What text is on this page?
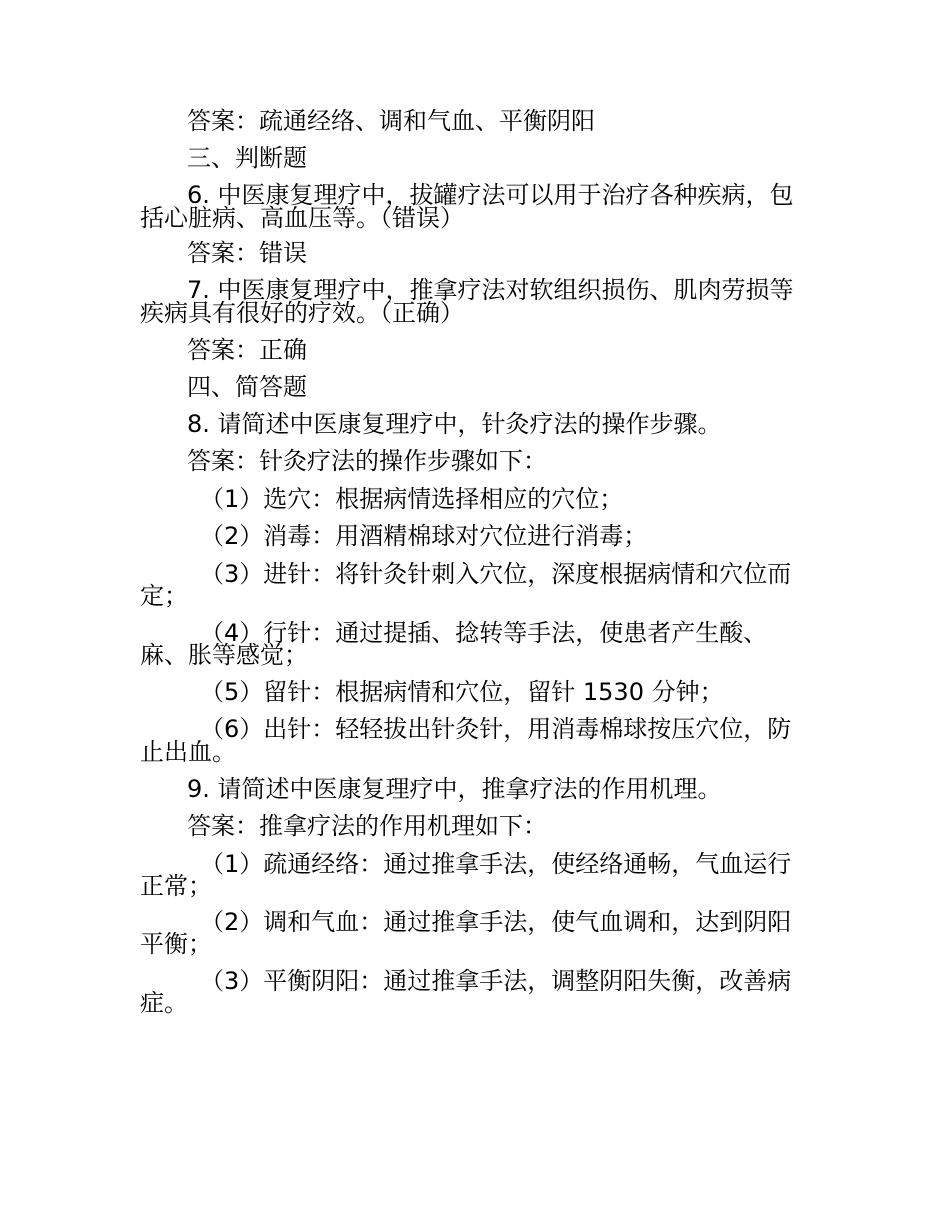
答案：疏通经络、调和气血、平衡阴阳
三、判断题
6. 中医康复理疗中，拔罐疗法可以用于治疗各种疾病，包
括心脏病、高血压等。（错误）
答案：错误
7. 中医康复理疗中，推拿疗法对软组织损伤、肌肉劳损等
疾病具有很好的疗效。（正确）
答案：正确
四、简答题
8. 请简述中医康复理疗中，针灸疗法的操作步骤。
答案：针灸疗法的操作步骤如下：
（1）选穴：根据病情选择相应的穴位；
（2）消毒：用酒精棉球对穴位进行消毒；
（3）进针：将针灸针刺入穴位，深度根据病情和穴位而
定；
（4）行针：通过提插、捻转等手法，使患者产生酸、
麻、胀等感觉；
（5）留针：根据病情和穴位，留针 1530 分钟；
（6）出针：轻轻拔出针灸针，用消毒棉球按压穴位，防
止出血。
9. 请简述中医康复理疗中，推拿疗法的作用机理。
答案：推拿疗法的作用机理如下：
（1）疏通经络：通过推拿手法，使经络通畅，气血运行
正常；
（2）调和气血：通过推拿手法，使气血调和，达到阴阳
平衡；
（3）平衡阴阳：通过推拿手法，调整阴阳失衡，改善病
症。
